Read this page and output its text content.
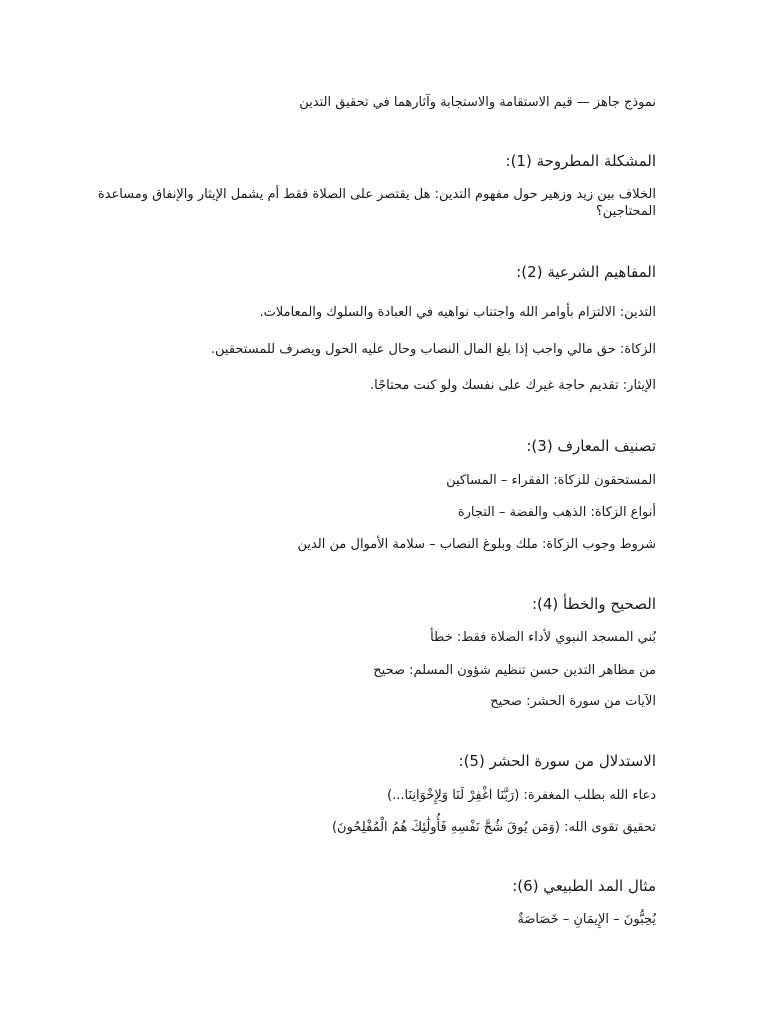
نموذج جاهز — قيم الاستقامة والاستجابة وآثارهما في تحقيق التدين
المشكلة المطروحة (1):
الخلاف بين زيد وزهير حول مفهوم التدين: هل يقتصر على الصلاة فقط أم يشمل الإيثار والإنفاق ومساعدة المحتاجين؟
المفاهيم الشرعية (2):
التدين: الالتزام بأوامر الله واجتناب نواهيه في العبادة والسلوك والمعاملات.
الزكاة: حق مالي واجب إذا بلغ المال النصاب وحال عليه الحول ويصرف للمستحقين.
الإيثار: تقديم حاجة غيرك على نفسك ولو كنت محتاجًا.
تصنيف المعارف (3):
المستحقون للزكاة: الفقراء – المساكين
أنواع الزكاة: الذهب والفضة – التجارة
شروط وجوب الزكاة: ملك وبلوغ النصاب – سلامة الأموال من الدين
الصحيح والخطأ (4):
بُني المسجد النبوي لأداء الصلاة فقط: خطأ
من مظاهر التدين حسن تنظيم شؤون المسلم: صحيح
الآيات من سورة الحشر: صحيح
الاستدلال من سورة الحشر (5):
دعاء الله بطلب المغفرة: (رَبَّنَا اغْفِرْ لَنَا وَلِإِخْوَانِنَا...)
تحقيق تقوى الله: (وَمَن يُوقَ شُحَّ نَفْسِهِ فَأُولَٰئِكَ هُمُ الْمُفْلِحُونَ)
مثال المد الطبيعي (6):
يُحِبُّونَ – الإِيمَانِ – خَصَاصَةٌ
